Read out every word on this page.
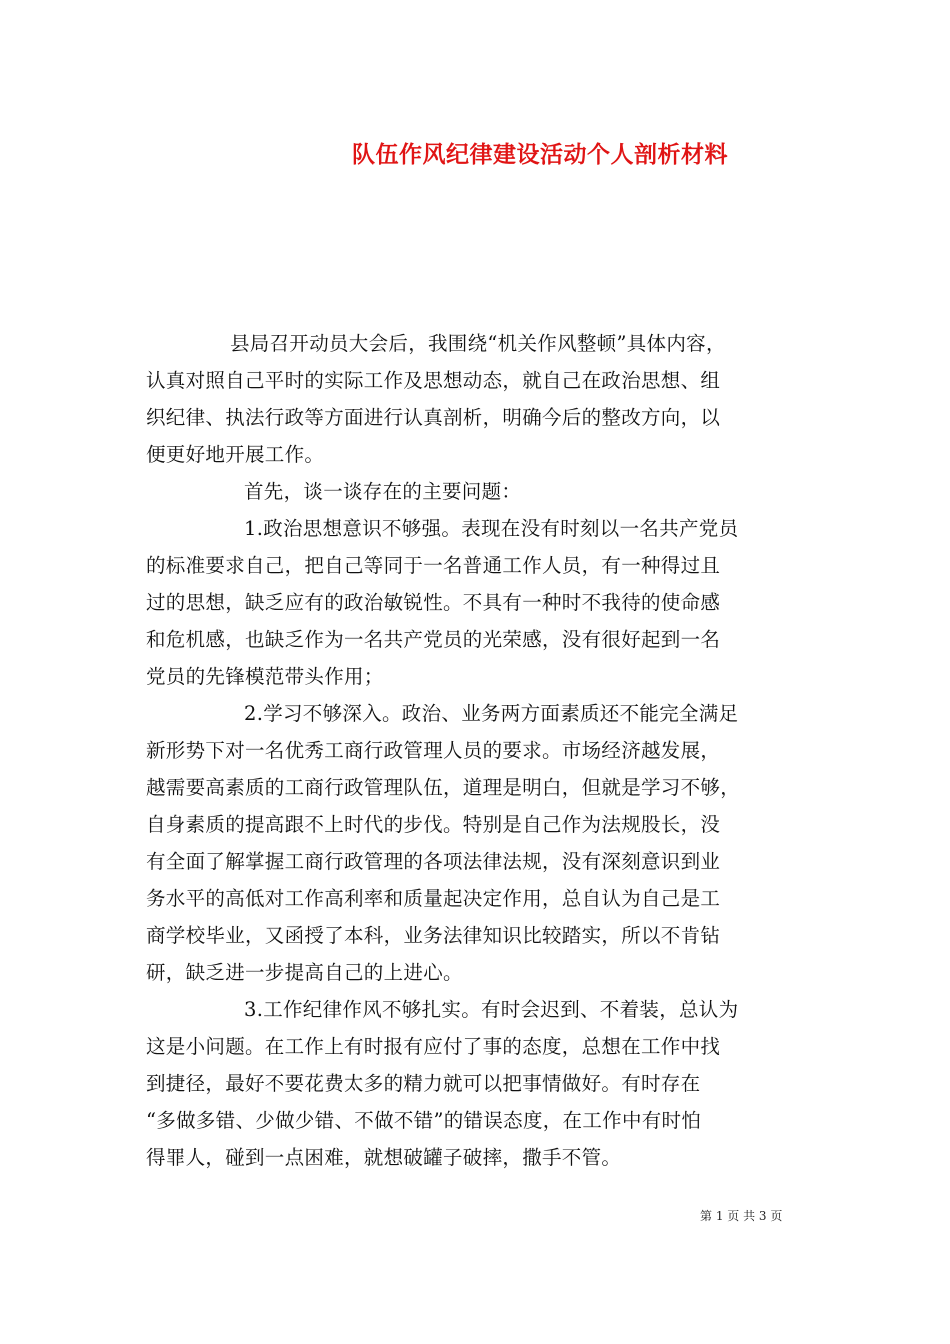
队伍作风纪律建设活动个人剖析材料
县局召开动员大会后，我围绕“机关作风整顿”具体内容，
认真对照自己平时的实际工作及思想动态，就自己在政治思想、组
织纪律、执法行政等方面进行认真剖析，明确今后的整改方向，以
便更好地开展工作。
首先，谈一谈存在的主要问题：
1.政治思想意识不够强。表现在没有时刻以一名共产党员
的标准要求自己，把自己等同于一名普通工作人员，有一种得过且
过的思想，缺乏应有的政治敏锐性。不具有一种时不我待的使命感
和危机感，也缺乏作为一名共产党员的光荣感，没有很好起到一名
党员的先锋模范带头作用；
2.学习不够深入。政治、业务两方面素质还不能完全满足
新形势下对一名优秀工商行政管理人员的要求。市场经济越发展，
越需要高素质的工商行政管理队伍，道理是明白，但就是学习不够，
自身素质的提高跟不上时代的步伐。特别是自己作为法规股长，没
有全面了解掌握工商行政管理的各项法律法规，没有深刻意识到业
务水平的高低对工作高利率和质量起决定作用，总自认为自己是工
商学校毕业，又函授了本科，业务法律知识比较踏实，所以不肯钻
研，缺乏进一步提高自己的上进心。
3.工作纪律作风不够扎实。有时会迟到、不着装，总认为
这是小问题。在工作上有时报有应付了事的态度，总想在工作中找
到捷径，最好不要花费太多的精力就可以把事情做好。有时存在
“多做多错、少做少错、不做不错”的错误态度，在工作中有时怕
得罪人，碰到一点困难，就想破罐子破摔，撒手不管。
第 1 页 共 3 页
